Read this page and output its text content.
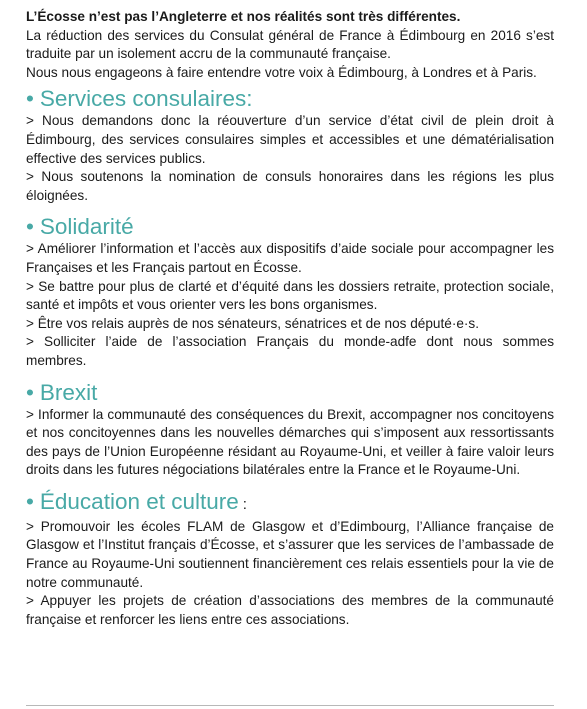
L’Écosse n’est pas l’Angleterre et nos réalités sont très différentes.

La réduction des services du Consulat général de France à Édimbourg en 2016 s’est traduite par un isolement accru de la communauté française.

Nous nous engageons à faire entendre votre voix à Édimbourg, à Londres et à Paris.

• Services consulaires:

> Nous demandons donc la réouverture d’un service d’état civil de plein droit à Édimbourg, des services consulaires simples et accessibles et une dématérialisation effective des services publics.

> Nous soutenons la nomination de consuls honoraires dans les régions les plus éloignées.

• Solidarité

> Améliorer l’information et l’accès aux dispositifs d’aide sociale pour accompagner les Françaises et les Français partout en Écosse.

> Se battre pour plus de clarté et d’équité dans les dossiers retraite, protection sociale, santé et impôts et vous orienter vers les bons organismes.

> Être vos relais auprès de nos sénateurs, sénatrices et de nos député·e·s.

> Solliciter l’aide de l’association Français du monde-adfe dont nous sommes membres.

• Brexit

> Informer la communauté des conséquences du Brexit, accompagner nos concitoyens et nos concitoyennes dans les nouvelles démarches qui s’imposent aux ressortissants des pays de l’Union Européenne résidant au Royaume-Uni, et veiller à faire valoir leurs droits dans les futures négociations bilatérales entre la France et le Royaume-Uni.

• Éducation et culture :

> Promouvoir les écoles FLAM de Glasgow et d’Edimbourg, l’Alliance française de Glasgow et l’Institut français d’Écosse, et s’assurer que les services de l’ambassade de France au Royaume-Uni soutiennent financièrement ces relais essentiels pour la vie de notre communauté.

> Appuyer les projets de création d’associations des membres de la communauté française et renforcer les liens entre ces associations.
